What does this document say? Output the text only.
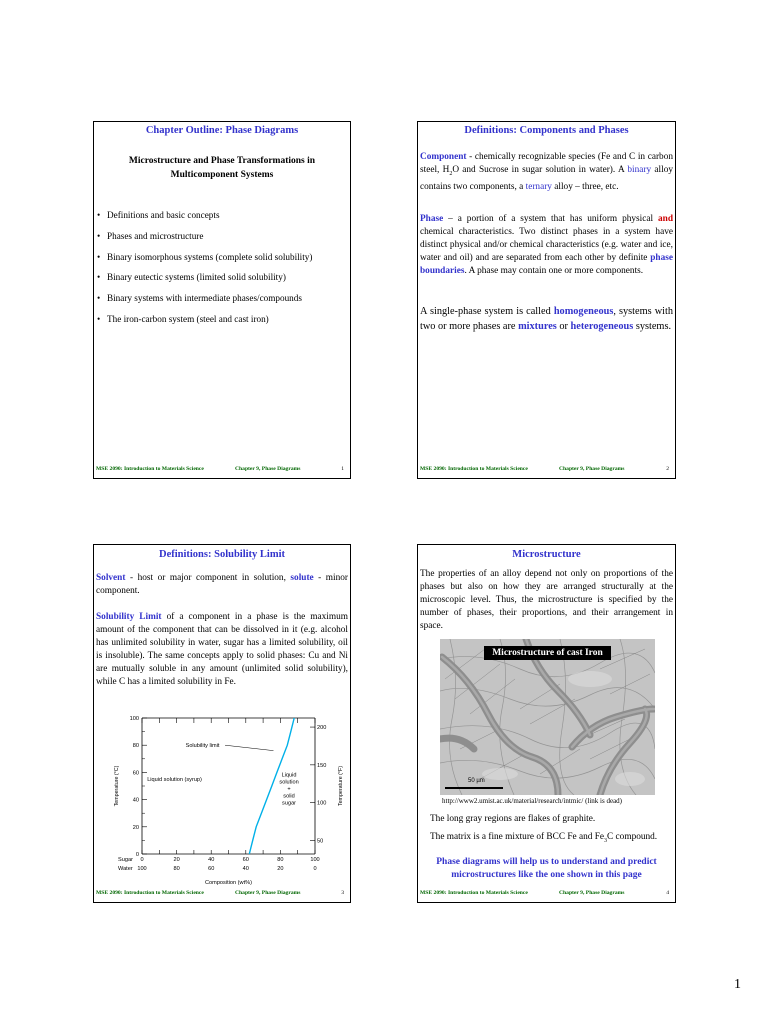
Chapter Outline: Phase Diagrams
Microstructure and Phase Transformations in
Multicomponent Systems
• Definitions and basic concepts
• Phases and microstructure
• Binary isomorphous systems (complete solid solubility)
• Binary eutectic systems (limited solid solubility)
• Binary systems with intermediate phases/compounds
• The iron-carbon system (steel and cast iron)
MSE 2090: Introduction to Materials Science	Chapter 9, Phase Diagrams	1
Definitions: Components and Phases
Component - chemically recognizable species (Fe and C in carbon steel, $H_2O$ and Sucrose in sugar solution in water). A binary alloy contains two components, a ternary alloy – three, etc.
Phase – a portion of a system that has uniform physical and chemical characteristics. Two distinct phases in a system have distinct physical and/or chemical characteristics (e.g. water and ice, water and oil) and are separated from each other by definite phase boundaries. A phase may contain one or more components.
A single-phase system is called homogeneous, systems with two or more phases are mixtures or heterogeneous systems.
MSE 2090: Introduction to Materials Science	Chapter 9, Phase Diagrams	2
Definitions: Solubility Limit
Solvent - host or major component in solution, solute - minor component.
Solubility Limit of a component in a phase is the maximum amount of the component that can be dissolved in it (e.g. alcohol has unlimited solubility in water, sugar has a limited solubility, oil is insoluble). The same concepts apply to solid phases: Cu and Ni are mutually soluble in any amount (unlimited solid solubility), while C has a limited solubility in Fe.
0
20
40
60
80
100
50
100
150
200
Sugar 0	20	40	60	80	100
Water 100	80	60	40	20	0
Composition (wt%)
Temperature (°C)	Temperature (°F)
Solubility limit
Liquid solution (syrup)
Liquid
solution
+
solid
sugar
MSE 2090: Introduction to Materials Science	Chapter 9, Phase Diagrams	3
Microstructure
The properties of an alloy depend not only on proportions of the phases but also on how they are arranged structurally at the microscopic level. Thus, the microstructure is specified by the number of phases, their proportions, and their arrangement in space.
Microstructure of cast Iron
50 µm
http://www2.umist.ac.uk/material/research/intmic/ (link is dead)
The long gray regions are flakes of graphite.
The matrix is a fine mixture of BCC Fe and $Fe_3C$ compound.
Phase diagrams will help us to understand and predict
microstructures like the one shown in this page
MSE 2090: Introduction to Materials Science	Chapter 9, Phase Diagrams	4
1
